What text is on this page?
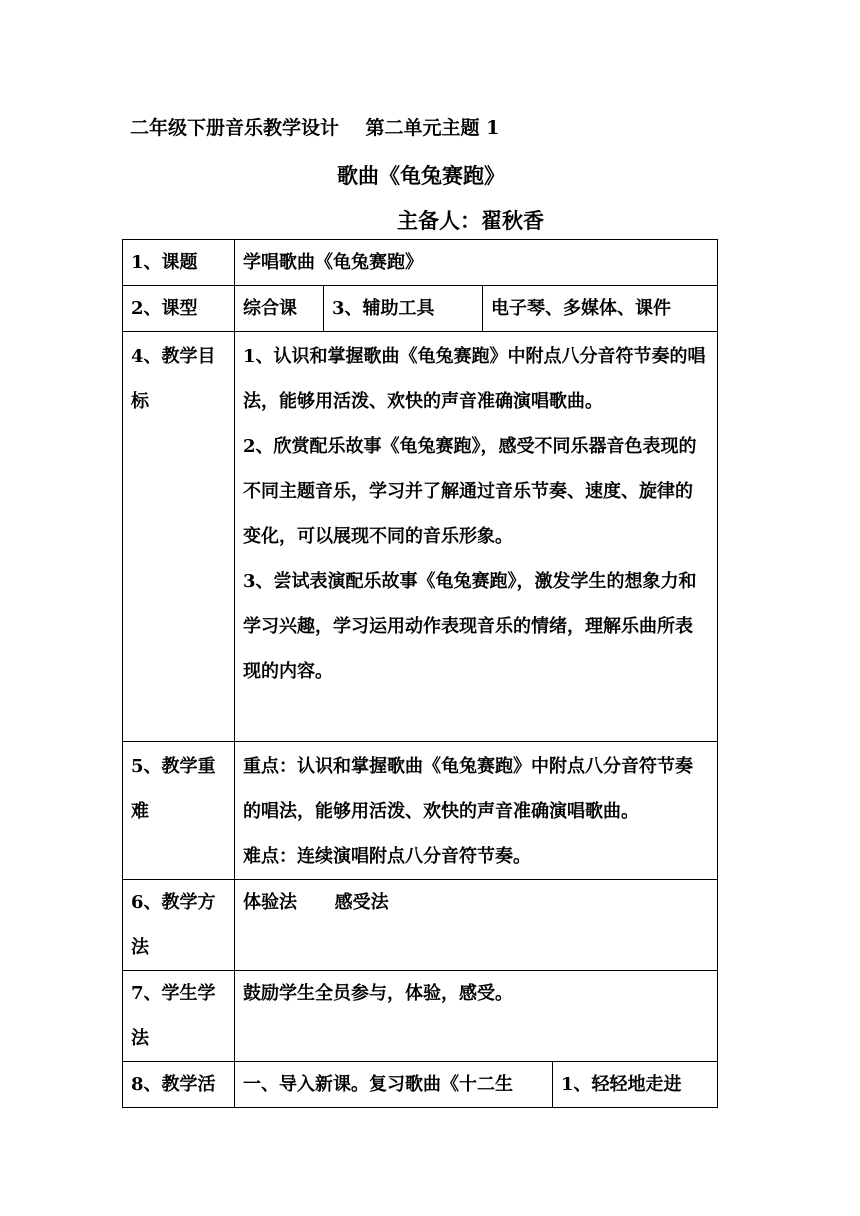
二年级下册音乐教学设计    第二单元主题 1
歌曲《龟兔赛跑》
主备人：翟秋香
1、课题	学唱歌曲《龟兔赛跑》			
2、课型	综合课	3、辅助工具	电子琴、多媒体、课件	
4、教学目标	1、认识和掌握歌曲《龟兔赛跑》中附点八分音符节奏的唱法，能够用活泼、欢快的声音准确演唱歌曲。
2、欣赏配乐故事《龟兔赛跑》，感受不同乐器音色表现的不同主题音乐，学习并了解通过音乐节奏、速度、旋律的变化，可以展现不同的音乐形象。
3、尝试表演配乐故事《龟兔赛跑》，激发学生的想象力和学习兴趣，学习运用动作表现音乐的情绪，理解乐曲所表现的内容。			

5、教学重难	重点：认识和掌握歌曲《龟兔赛跑》中附点八分音符节奏的唱法，能够用活泼、欢快的声音准确演唱歌曲。
难点：连续演唱附点八分音符节奏。			

6、教学方法	体验法      感受法			
7、学生学法	鼓励学生全员参与，体验，感受。			
8、教学活	一、导入新课。复习歌曲《十二生			1、轻轻地走进
